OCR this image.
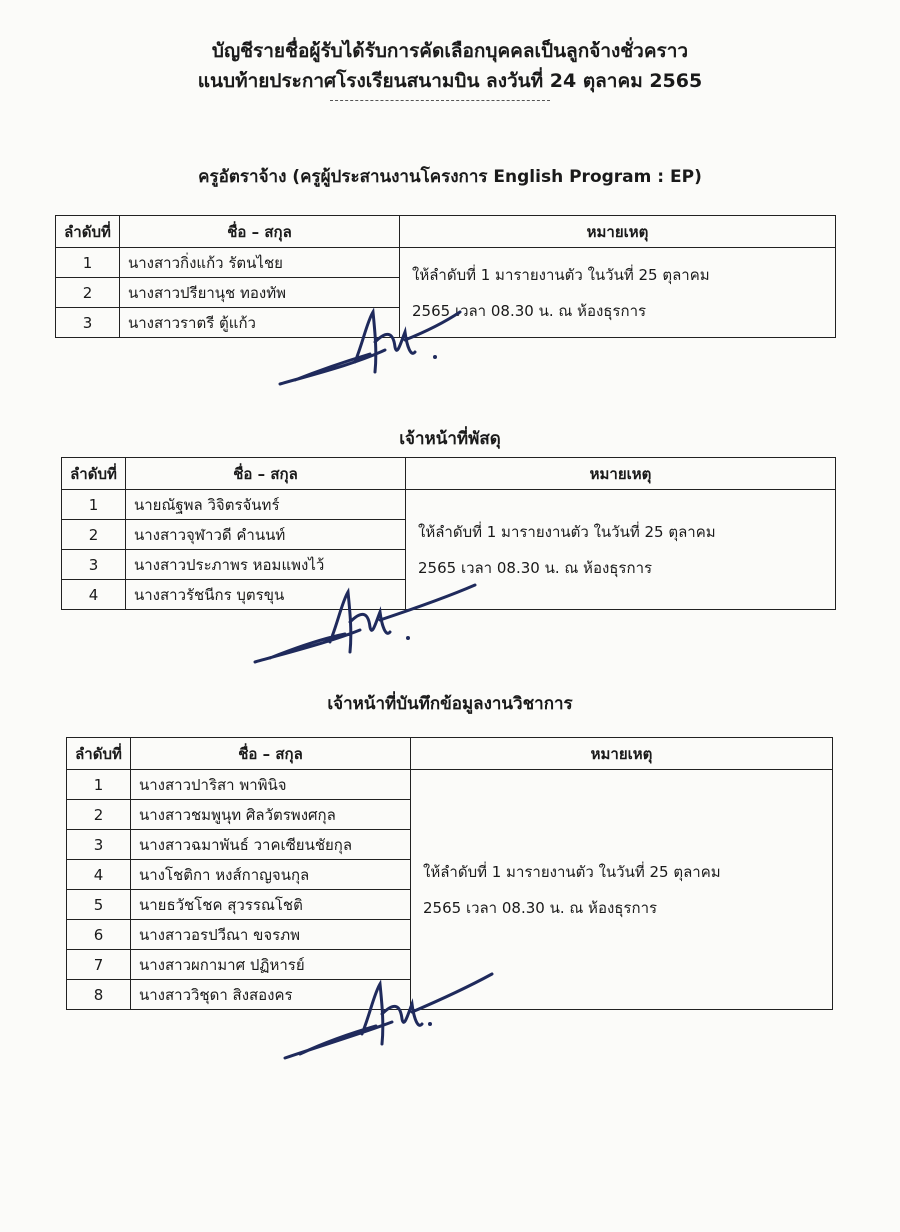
บัญชีรายชื่อผู้รับได้รับการคัดเลือกบุคคลเป็นลูกจ้างชั่วคราว
แนบท้ายประกาศโรงเรียนสนามบิน ลงวันที่ 24 ตุลาคม 2565
ครูอัตราจ้าง (ครูผู้ประสานงานโครงการ English Program : EP)
ลำดับที่	ชื่อ – สกุล	หมายเหตุ
1	นางสาวกิ่งแก้ว รัตนไชย	ให้ลำดับที่ 1 มารายงานตัว ในวันที่ 25 ตุลาคม
2565 เวลา 08.30 น. ณ ห้องธุรการ

2	นางสาวปรียานุช ทองทัพ	
3	นางสาวราตรี ตู้แก้ว	
เจ้าหน้าที่พัสดุ
ลำดับที่	ชื่อ – สกุล	หมายเหตุ
1	นายณัฐพล วิจิตรจันทร์	ให้ลำดับที่ 1 มารายงานตัว ในวันที่ 25 ตุลาคม
2565 เวลา 08.30 น. ณ ห้องธุรการ

2	นางสาวจุฬาวดี คำนนท์	
3	นางสาวประภาพร หอมแพงไว้	
4	นางสาวรัชนีกร บุตรขุน	
เจ้าหน้าที่บันทึกข้อมูลงานวิชาการ
ลำดับที่	ชื่อ – สกุล	หมายเหตุ
1	นางสาวปาริสา พาพินิจ	ให้ลำดับที่ 1 มารายงานตัว ในวันที่ 25 ตุลาคม
2565 เวลา 08.30 น. ณ ห้องธุรการ

2	นางสาวชมพูนุท ศิลวัตรพงศกุล	
3	นางสาวฉมาพันธ์ วาคเซียนชัยกุล	
4	นางโชติกา หงส์กาญจนกุล	
5	นายธวัชโชค สุวรรณโชติ	
6	นางสาวอรปวีณา ขจรภพ	
7	นางสาวผกามาศ ปฏิหารย์	
8	นางสาววิชุดา สิงสองคร	
